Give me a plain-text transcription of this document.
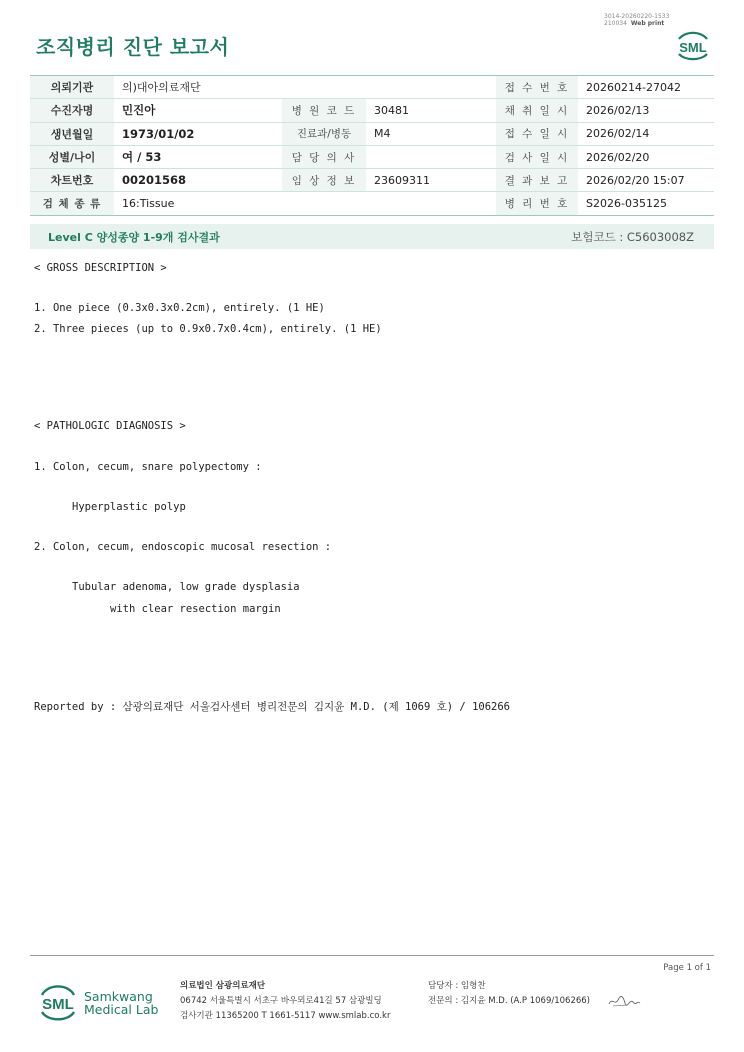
3014-20260220-1533
210034 Web print
조직병리 진단 보고서	SML
의뢰기관	의)대아의료재단			접 수 번 호	20260214-27042
수진자명	민진아	병 원 코 드	30481	채 취 일 시	2026/02/13
생년월일	1973/01/02	진료과/병동	M4	접 수 일 시	2026/02/14
성별/나이	여 / 53	담 당 의 사		검 사 일 시	2026/02/20
차트번호	00201568	임 상 정 보	23609311	결 과 보 고	2026/02/20 15:07
검 체 종 류	16:Tissue			병 리 번 호	S2026-035125
Level C 양성종양 1-9개 검사결과	보험코드 : C5603008Z
< GROSS DESCRIPTION >
1. One piece (0.3x0.3x0.2cm), entirely. (1 HE)
2. Three pieces (up to 0.9x0.7x0.4cm), entirely. (1 HE)
< PATHOLOGIC DIAGNOSIS >
1. Colon, cecum, snare polypectomy :
Hyperplastic polyp
2. Colon, cecum, endoscopic mucosal resection :
Tubular adenoma, low grade dysplasia
with clear resection margin
Reported by : 삼광의료재단 서울검사센터 병리전문의 김지윤 M.D. (제 1069 호) / 106266
Page 1 of 1
SML Samkwang
Medical Lab
의료법인 삼광의료재단
06742 서울특별시 서초구 바우뫼로41길 57 삼광빌딩
검사기관 11365200 T 1661-5117 www.smlab.co.kr
담당자 : 임형찬
전문의 : 김지윤 M.D. (A.P 1069/106266)
